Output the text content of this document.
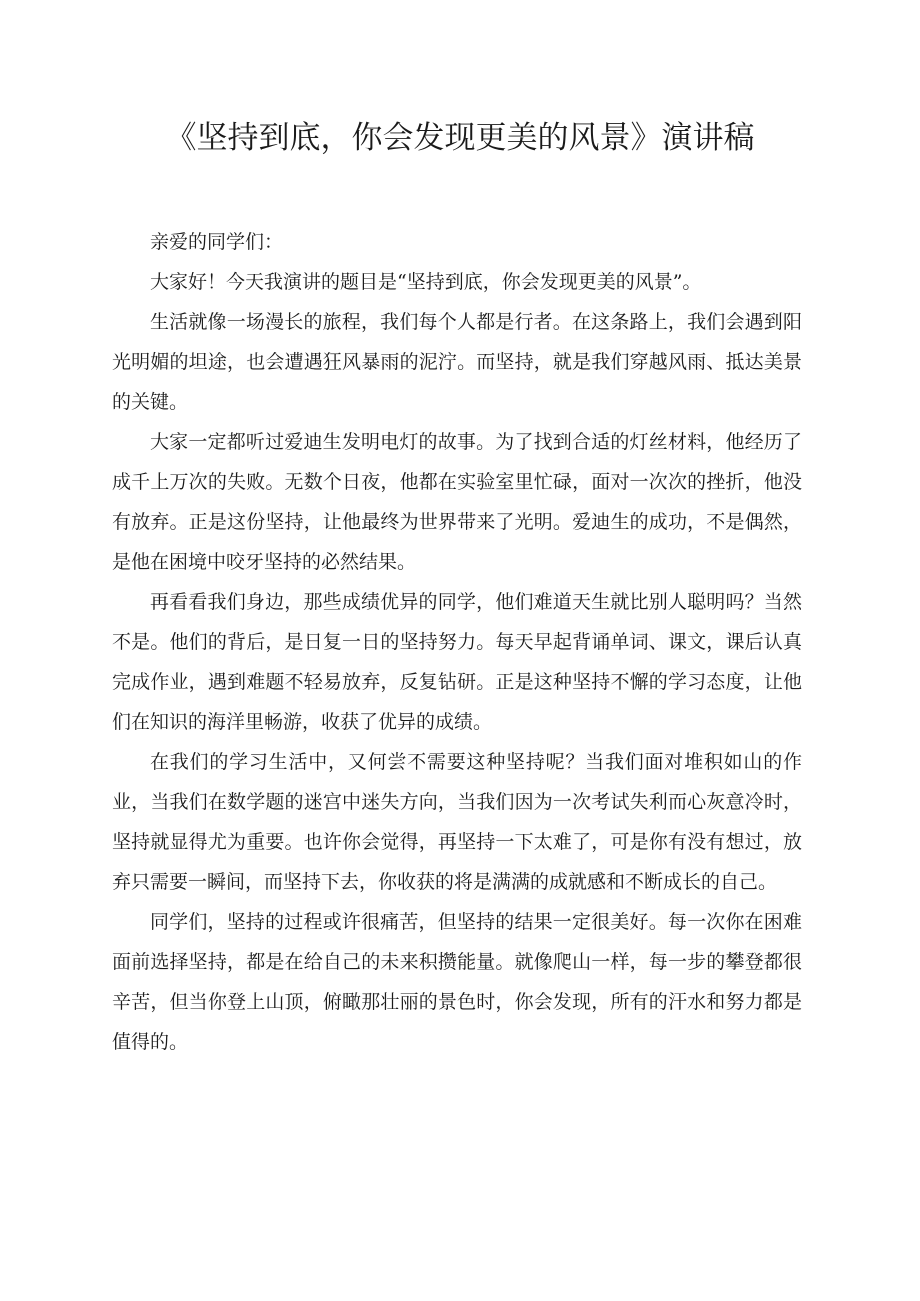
《坚持到底，你会发现更美的风景》演讲稿

亲爱的同学们：

大家好！今天我演讲的题目是“坚持到底，你会发现更美的风景”。

生活就像一场漫长的旅程，我们每个人都是行者。在这条路上，我们会遇到阳光明媚的坦途，也会遭遇狂风暴雨的泥泞。而坚持，就是我们穿越风雨、抵达美景的关键。

大家一定都听过爱迪生发明电灯的故事。为了找到合适的灯丝材料，他经历了成千上万次的失败。无数个日夜，他都在实验室里忙碌，面对一次次的挫折，他没有放弃。正是这份坚持，让他最终为世界带来了光明。爱迪生的成功，不是偶然，是他在困境中咬牙坚持的必然结果。

再看看我们身边，那些成绩优异的同学，他们难道天生就比别人聪明吗？当然不是。他们的背后，是日复一日的坚持努力。每天早起背诵单词、课文，课后认真完成作业，遇到难题不轻易放弃，反复钻研。正是这种坚持不懈的学习态度，让他们在知识的海洋里畅游，收获了优异的成绩。

在我们的学习生活中，又何尝不需要这种坚持呢？当我们面对堆积如山的作业，当我们在数学题的迷宫中迷失方向，当我们因为一次考试失利而心灰意冷时，坚持就显得尤为重要。也许你会觉得，再坚持一下太难了，可是你有没有想过，放弃只需要一瞬间，而坚持下去，你收获的将是满满的成就感和不断成长的自己。

同学们，坚持的过程或许很痛苦，但坚持的结果一定很美好。每一次你在困难面前选择坚持，都是在给自己的未来积攒能量。就像爬山一样，每一步的攀登都很辛苦，但当你登上山顶，俯瞰那壮丽的景色时，你会发现，所有的汗水和努力都是值得的。
